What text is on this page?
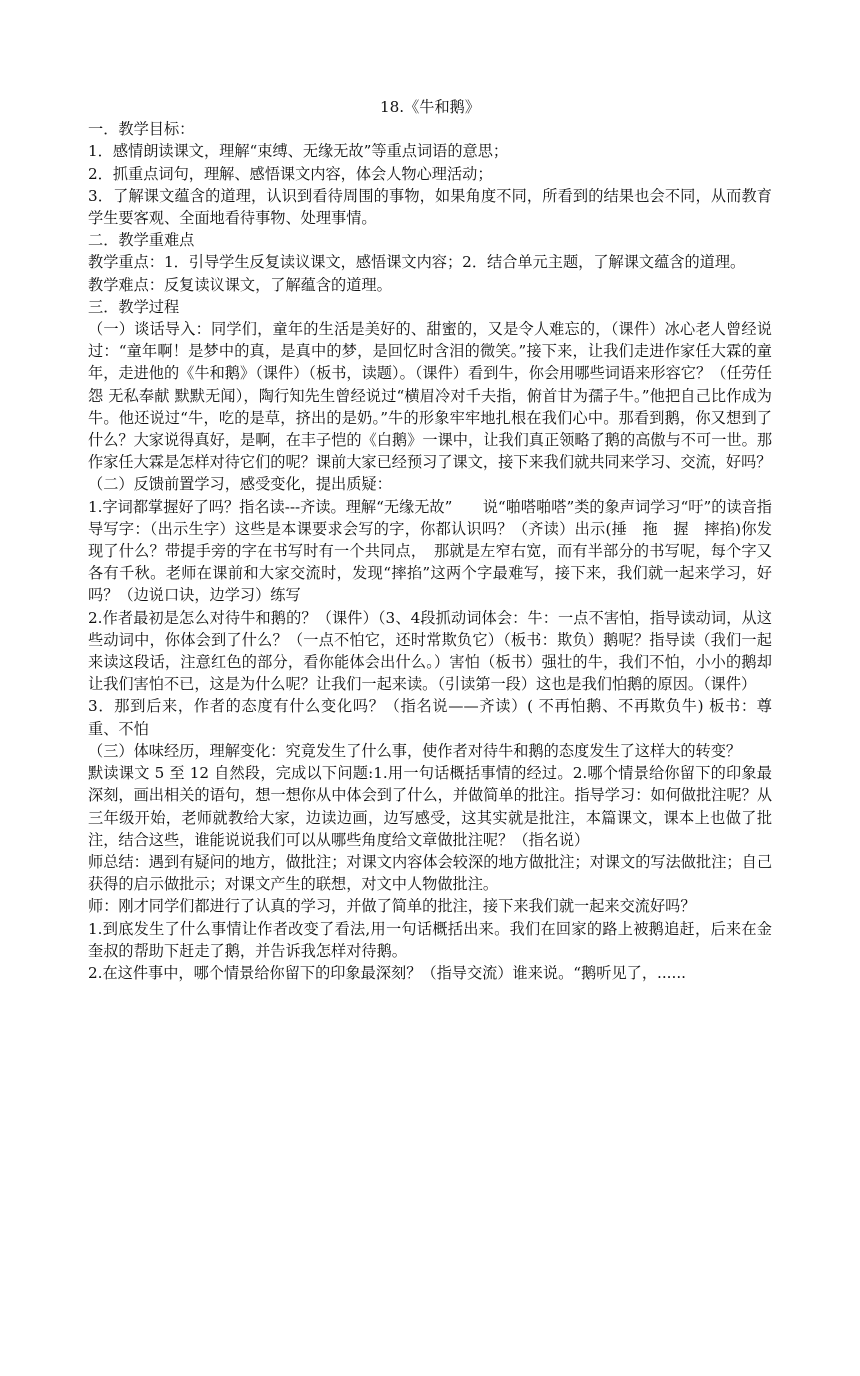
18.《牛和鹅》

一．教学目标：

1．感情朗读课文，理解“束缚、无缘无故”等重点词语的意思；

2．抓重点词句，理解、感悟课文内容，体会人物心理活动；

3．了解课文蕴含的道理，认识到看待周围的事物，如果角度不同，所看到的结果也会不同，从而教育学生要客观、全面地看待事物、处理事情。

二．教学重难点

教学重点：1．引导学生反复读议课文，感悟课文内容；2．结合单元主题，了解课文蕴含的道理。

教学难点：反复读议课文，了解蕴含的道理。

三．教学过程

（一）谈话导入：同学们，童年的生活是美好的、甜蜜的，又是令人难忘的，（课件）冰心老人曾经说过：“童年啊！是梦中的真，是真中的梦，是回忆时含泪的微笑。”接下来，让我们走进作家任大霖的童年，走进他的《牛和鹅》（课件）（板书，读题）。（课件）看到牛，你会用哪些词语来形容它？（任劳任怨 无私奉献 默默无闻），陶行知先生曾经说过“横眉冷对千夫指，俯首甘为孺子牛。”他把自己比作成为牛。他还说过“牛，吃的是草，挤出的是奶。”牛的形象牢牢地扎根在我们心中。那看到鹅，你又想到了什么？大家说得真好，是啊，在丰子恺的《白鹅》一课中，让我们真正领略了鹅的高傲与不可一世。那作家任大霖是怎样对待它们的呢？课前大家已经预习了课文，接下来我们就共同来学习、交流，好吗？

（二）反馈前置学习，感受变化，提出质疑：

1.字词都掌握好了吗？指名读---齐读。理解“无缘无故”　　说“啪嗒啪嗒”类的象声词学习“吁”的读音指导写字：（出示生字）这些是本课要求会写的字，你都认识吗？（齐读）出示(捶　拖　握　摔掐)你发现了什么？带提手旁的字在书写时有一个共同点，　那就是左窄右宽，而有半部分的书写呢，每个字又各有千秋。老师在课前和大家交流时，发现“摔掐”这两个字最难写，接下来，我们就一起来学习，好吗？（边说口诀，边学习）练写

2.作者最初是怎么对待牛和鹅的？（课件）（3、4段抓动词体会：牛：一点不害怕，指导读动词，从这些动词中，你体会到了什么？（一点不怕它，还时常欺负它）（板书：欺负）鹅呢？指导读（我们一起来读这段话，注意红色的部分，看你能体会出什么。）害怕（板书）强壮的牛，我们不怕，小小的鹅却让我们害怕不已，这是为什么呢？让我们一起来读。（引读第一段）这也是我们怕鹅的原因。（课件）

3．那到后来，作者的态度有什么变化吗？（指名说——齐读）( 不再怕鹅、不再欺负牛) 板书：尊重、不怕

（三）体味经历，理解变化：究竟发生了什么事，使作者对待牛和鹅的态度发生了这样大的转变？

默读课文 5 至 12 自然段，完成以下问题:1.用一句话概括事情的经过。2.哪个情景给你留下的印象最深刻，画出相关的语句，想一想你从中体会到了什么，并做简单的批注。指导学习：如何做批注呢？从三年级开始，老师就教给大家，边读边画，边写感受，这其实就是批注，本篇课文，课本上也做了批注，结合这些，谁能说说我们可以从哪些角度给文章做批注呢？（指名说）

师总结：遇到有疑问的地方，做批注；对课文内容体会较深的地方做批注；对课文的写法做批注；自己获得的启示做批示；对课文产生的联想，对文中人物做批注。

师：刚才同学们都进行了认真的学习，并做了简单的批注，接下来我们就一起来交流好吗？

1.到底发生了什么事情让作者改变了看法,用一句话概括出来。我们在回家的路上被鹅追赶，后来在金奎叔的帮助下赶走了鹅，并告诉我怎样对待鹅。

2.在这件事中，哪个情景给你留下的印象最深刻？（指导交流）谁来说。“鹅听见了，......
